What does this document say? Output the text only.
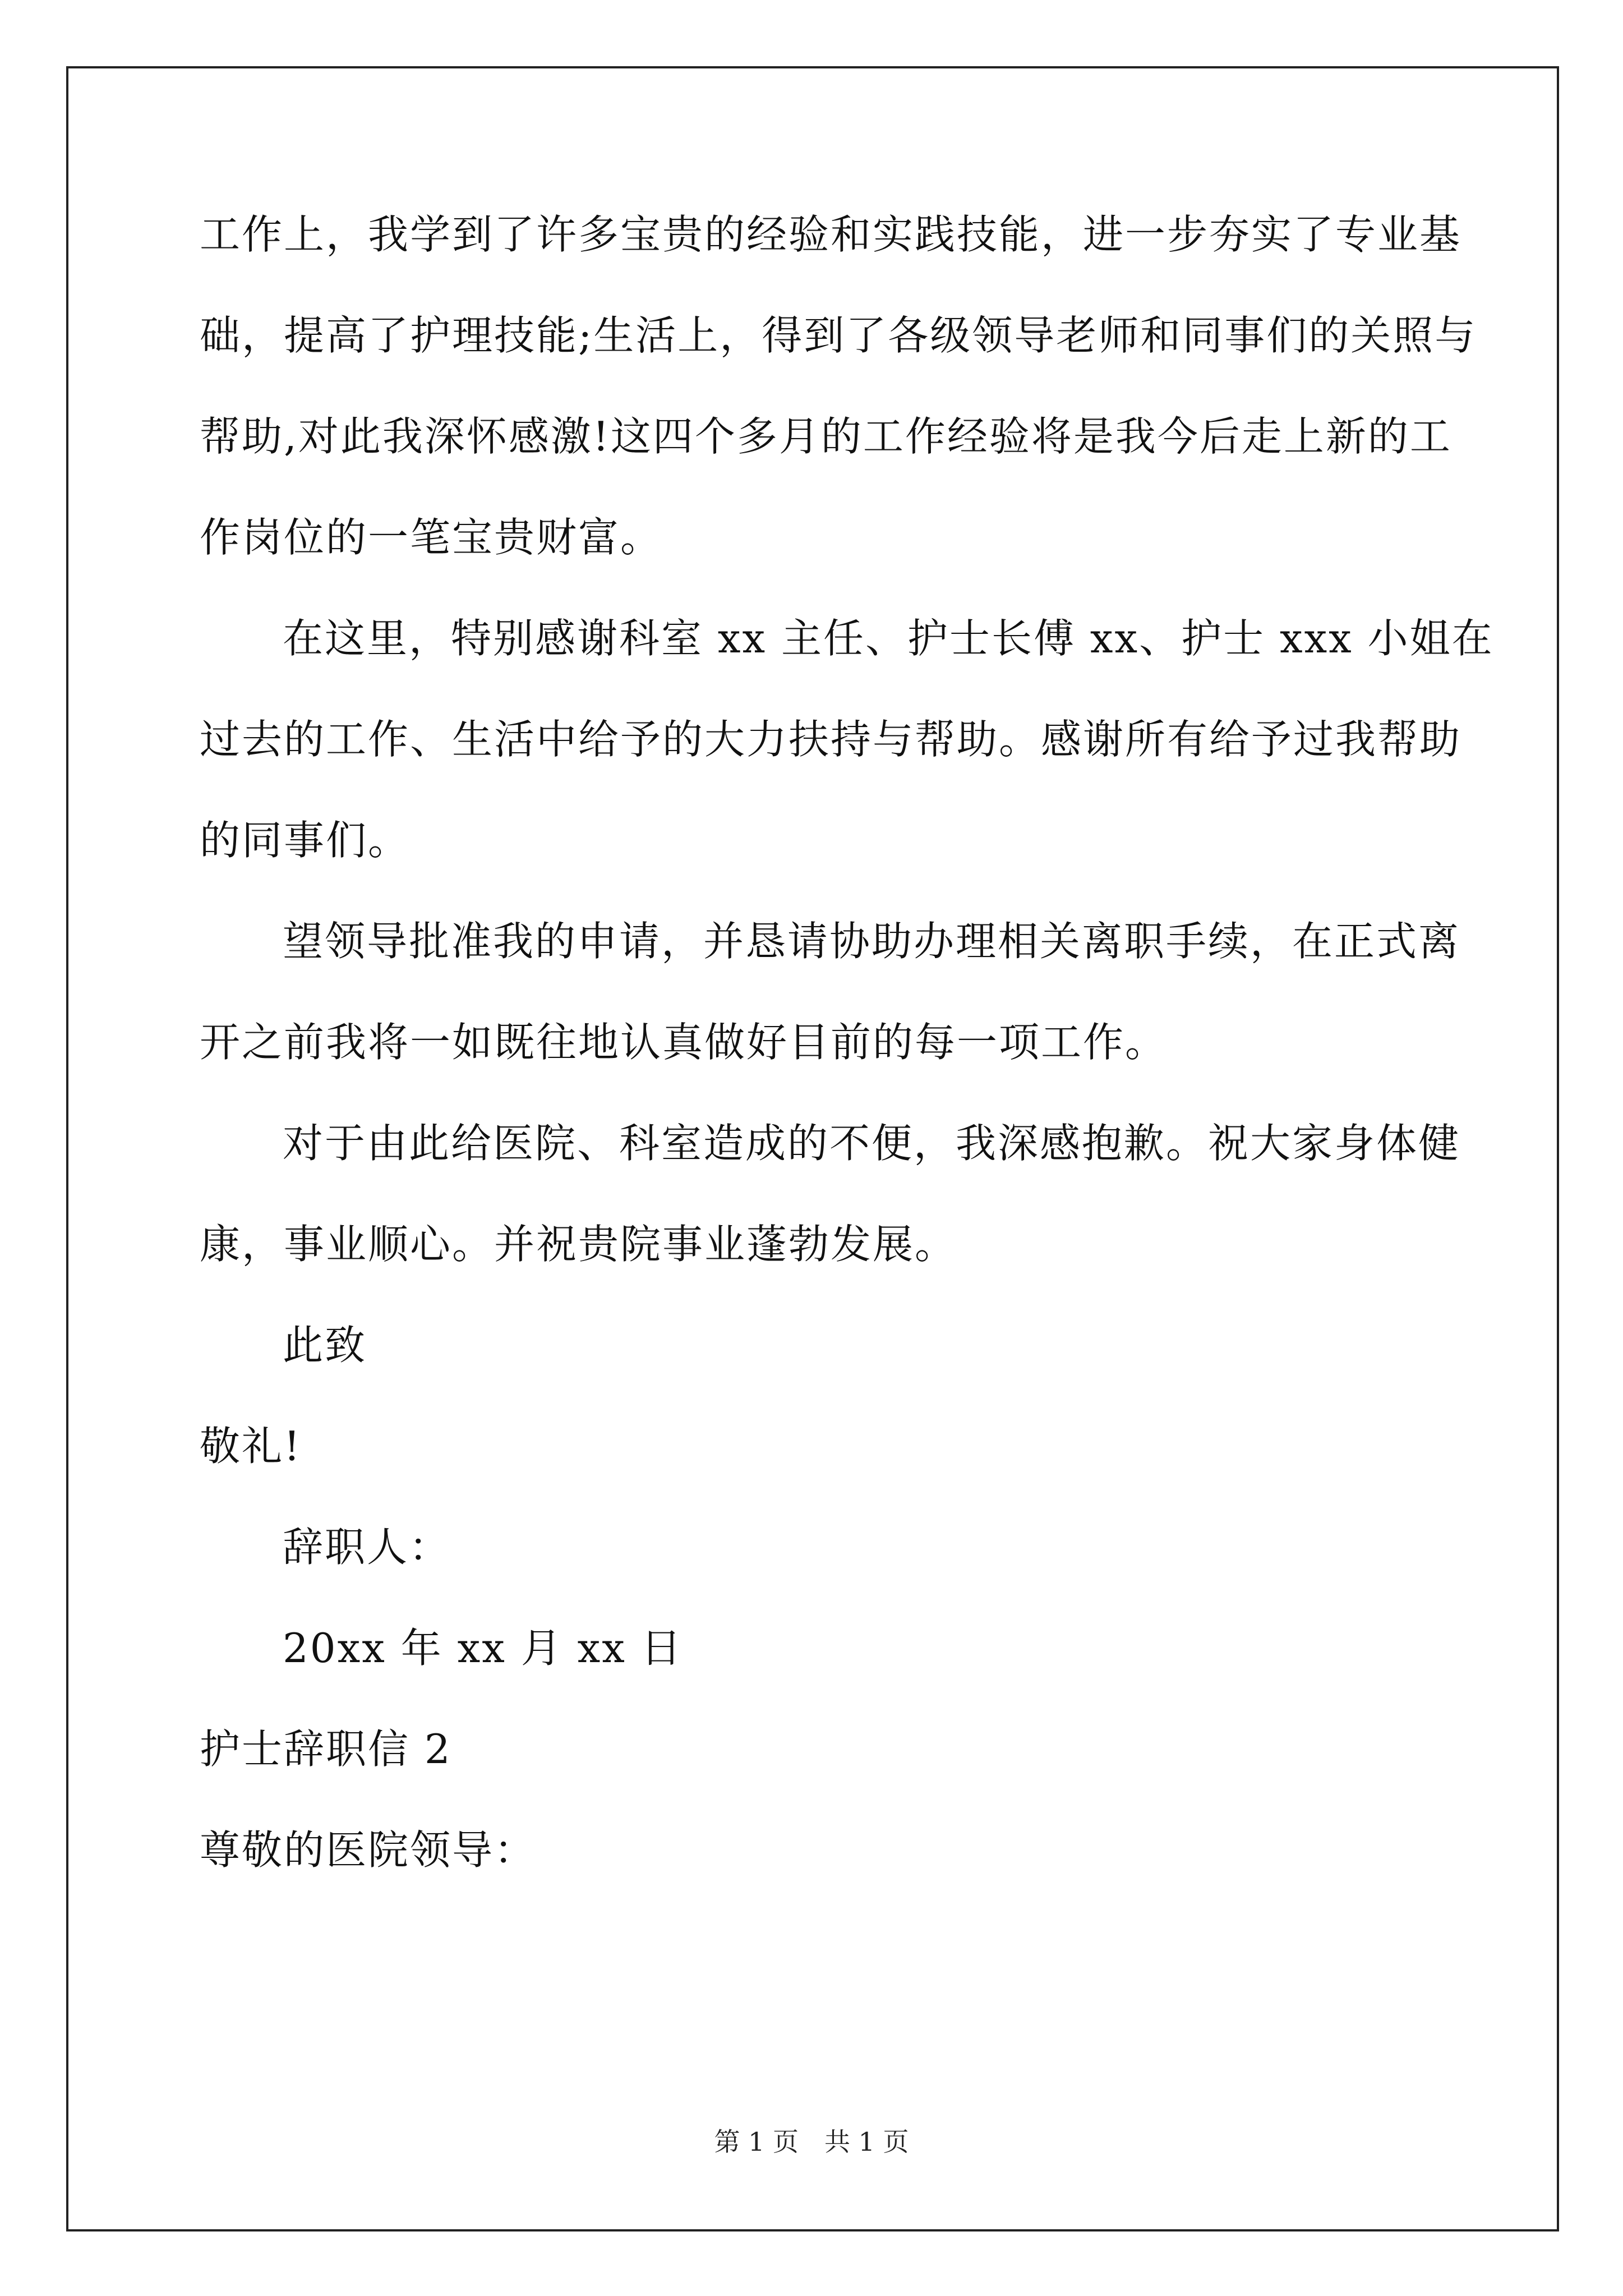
工作上，我学到了许多宝贵的经验和实践技能，进一步夯实了专业基
础，提高了护理技能;生活上，得到了各级领导老师和同事们的关照与
帮助,对此我深怀感激!这四个多月的工作经验将是我今后走上新的工
作岗位的一笔宝贵财富。
在这里，特别感谢科室 xx 主任、护士长傅 xx、护士 xxx 小姐在
过去的工作、生活中给予的大力扶持与帮助。感谢所有给予过我帮助
的同事们。
望领导批准我的申请，并恳请协助办理相关离职手续，在正式离
开之前我将一如既往地认真做好目前的每一项工作。
对于由此给医院、科室造成的不便，我深感抱歉。祝大家身体健
康，事业顺心。并祝贵院事业蓬勃发展。
此致
敬礼!
辞职人：
20xx 年 xx 月 xx 日
护士辞职信 2
尊敬的医院领导：
第 1 页　共 1 页
